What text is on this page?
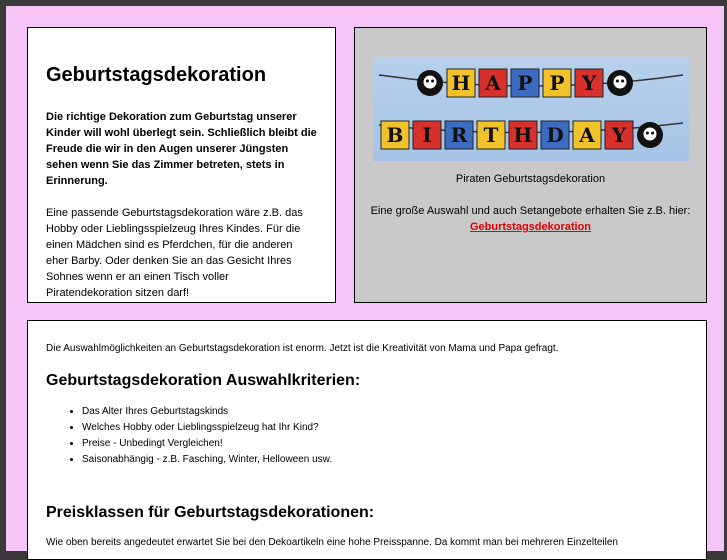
Geburtstagsdekoration

Die richtige Dekoration zum Geburtstag unserer Kinder will wohl überlegt sein. Schließlich bleibt die Freude die wir in den Augen unserer Jüngsten sehen wenn Sie das Zimmer betreten, stets in Erinnerung.

Eine passende Geburtstagsdekoration wäre z.B. das Hobby oder Lieblingsspielzeug Ihres Kindes. Für die einen Mädchen sind es Pferdchen, für die anderen eher Barby. Oder denken Sie an das Gesicht Ihres Sohnes wenn er an einen Tisch voller Piratendekoration sitzen darf!

H A P P Y
B I R T H D A Y
Piraten Geburtstagsdekoration
Eine große Auswahl und auch Setangebote erhalten Sie z.B. hier: Geburtstagsdekoration

Die Auswahlmöglichkeiten an Geburtstagsdekoration ist enorm. Jetzt ist die Kreativität von Mama und Papa gefragt.

Geburtstagsdekoration Auswahlkriterien:
• Das Alter Ihres Geburtstagskinds
• Welches Hobby oder Lieblingsspielzeug hat Ihr Kind?
• Preise - Unbedingt Vergleichen!
• Saisonabhängig - z.B. Fasching, Winter, Helloween usw.
Preisklassen für Geburtstagsdekorationen:

Wie oben bereits angedeutet erwartet Sie bei den Dekoartikeln eine hohe Preisspanne. Da kommt man bei mehreren Einzelteilen
